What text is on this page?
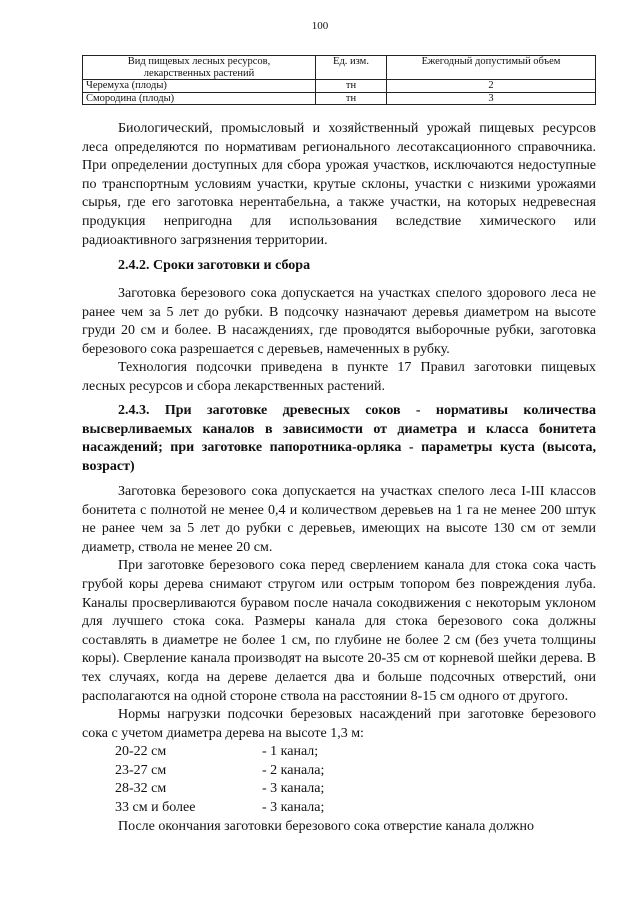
100
Вид пищевых лесных ресурсов,
лекарственных растений	Ед. изм.	Ежегодный допустимый объем
Черемуха (плоды)	тн	2
Смородина (плоды)	тн	3

Биологический, промысловый и хозяйственный урожай пищевых ресурсов леса определяются по нормативам регионального лесотаксационного справочника. При определении доступных для сбора урожая участков, исключаются недоступные по транспортным условиям участки, крутые склоны, участки с низкими урожаями сырья, где его заготовка нерентабельна, а также участки, на которых недревесная продукция непригодна для использования вследствие химического или радиоактивного загрязнения территории.

2.4.2. Сроки заготовки и сбора

Заготовка березового сока допускается на участках спелого здорового леса не ранее чем за 5 лет до рубки. В подсочку назначают деревья диаметром на высоте груди 20 см и более. В насаждениях, где проводятся выборочные рубки, заготовка березового сока разрешается с деревьев, намеченных в рубку.

Технология подсочки приведена в пункте 17 Правил заготовки пищевых лесных ресурсов и сбора лекарственных растений.

2.4.3. При заготовке древесных соков - нормативы количества высверливаемых каналов в зависимости от диаметра и класса бонитета насаждений; при заготовке папоротника-орляка - параметры куста (высота, возраст)

Заготовка березового сока допускается на участках спелого леса I-III классов бонитета с полнотой не менее 0,4 и количеством деревьев на 1 га не менее 200 штук не ранее чем за 5 лет до рубки с деревьев, имеющих на высоте 130 см от земли диаметр, ствола не менее 20 см.

При заготовке березового сока перед сверлением канала для стока сока часть грубой коры дерева снимают стругом или острым топором без повреждения луба. Каналы просверливаются буравом после начала сокодвижения с некоторым уклоном для лучшего стока сока. Размеры канала для стока березового сока должны составлять в диаметре не более 1 см, по глубине не более 2 см (без учета толщины коры). Сверление канала производят на высоте 20-35 см от корневой шейки дерева. В тех случаях, когда на дереве делается два и больше подсочных отверстий, они располагаются на одной стороне ствола на расстоянии 8-15 см одного от другого.

Нормы нагрузки подсочки березовых насаждений при заготовке березового сока с учетом диаметра дерева на высоте 1,3 м:

20-22 см	- 1 канал;
23-27 см	- 2 канала;
28-32 см	- 3 канала;
33 см и более	- 3 канала;

После окончания заготовки березового сока отверстие канала должно
